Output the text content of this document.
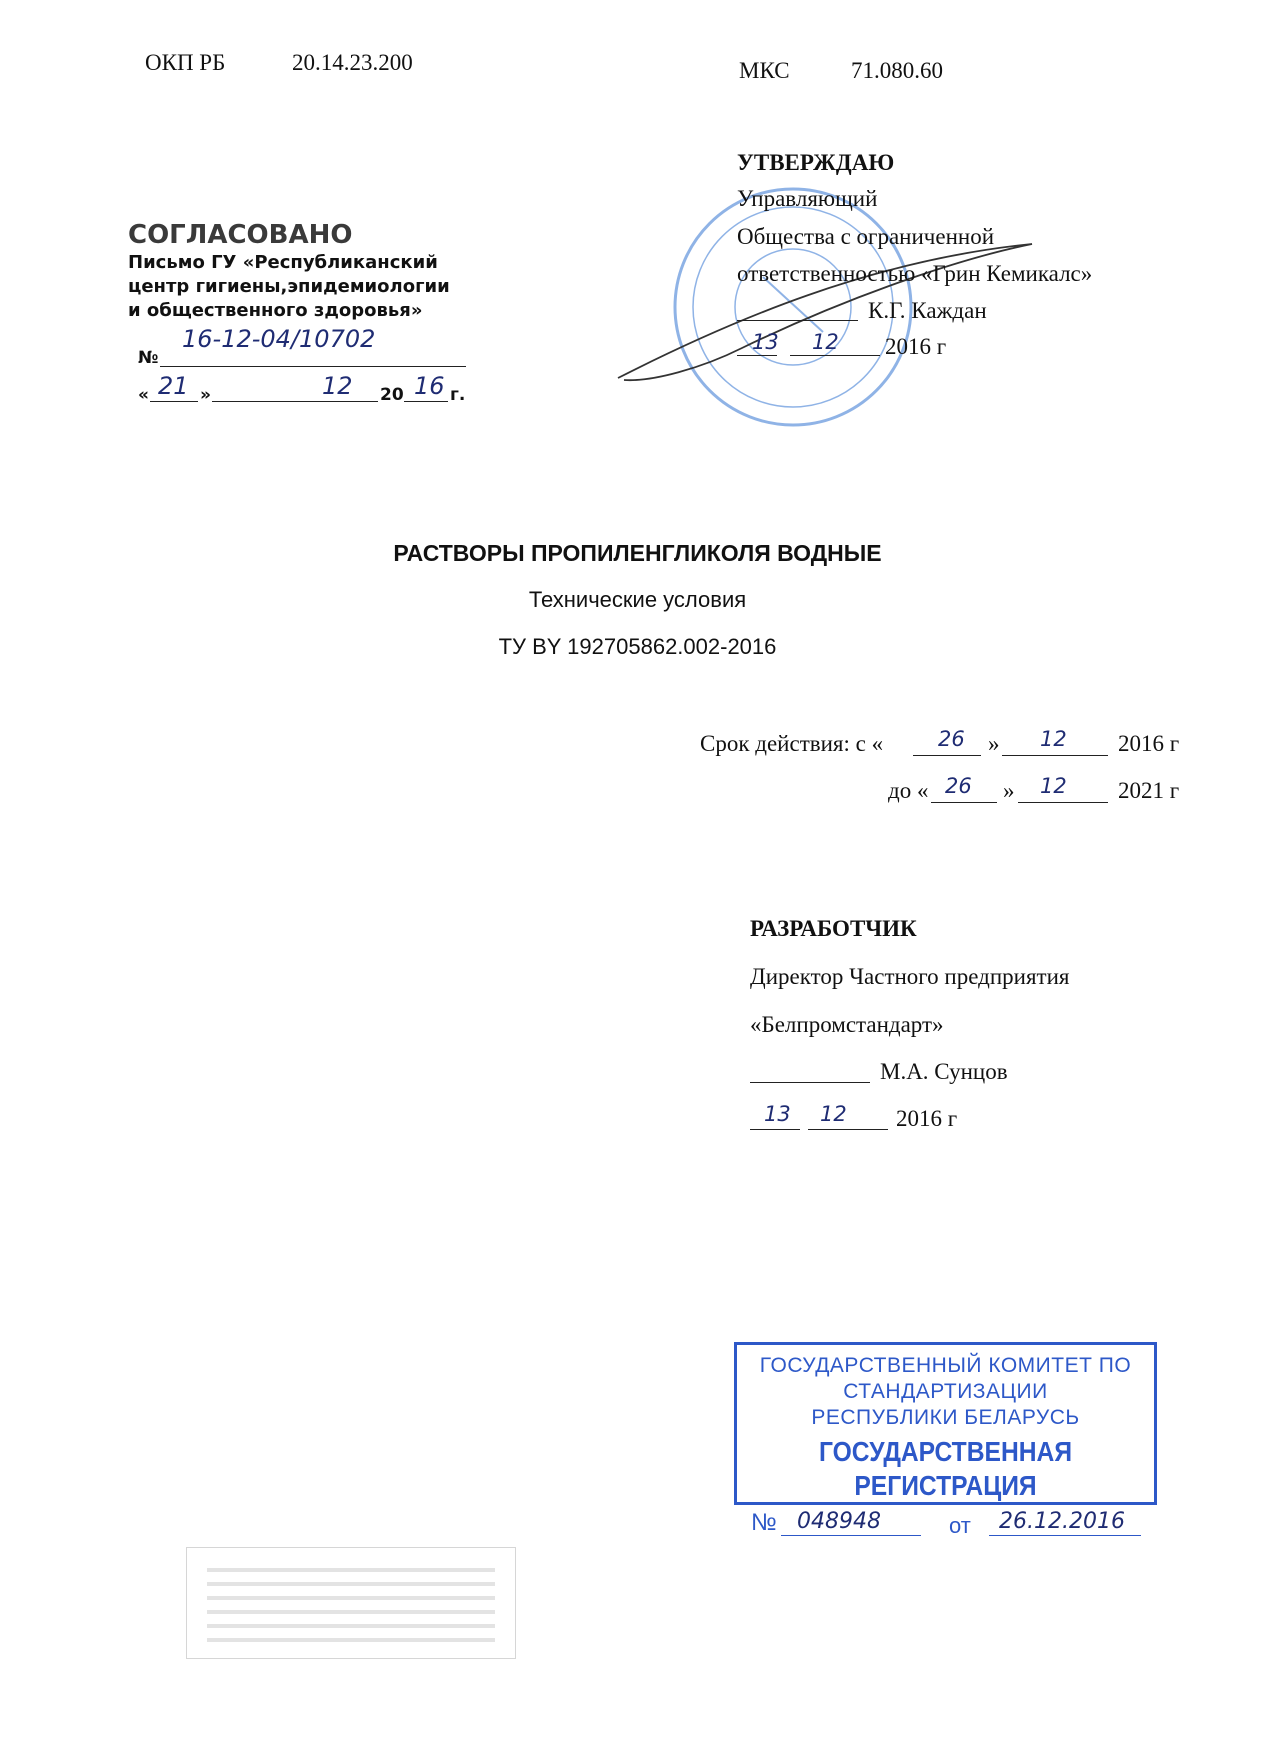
ОКП РБ	20.14.23.200	МКС	71.080.60
УТВЕРЖДАЮ
Управляющий
Общества с ограниченной
ответственностью «Грин Кемикалс»
К.Г. Каждан
13 12 2016 г
СОГЛАСОВАНО
Письмо ГУ «Республиканский
центр гигиены,эпидемиологии
и общественного здоровья»
№
16-12-04/10702
« 21 »	12 20 16 г.
РАСТВОРЫ ПРОПИЛЕНГЛИКОЛЯ ВОДНЫЕ
Технические условия
ТУ BY 192705862.002-2016
Срок действия: с «	26 » 12 2016 г
до « 26 » 12 2021 г
РАЗРАБОТЧИК
Директор Частного предприятия
«Белпромстандарт»
М.А. Сунцов
13 12 2016 г
ГОСУДАРСТВЕННЫЙ КОМИТЕТ ПО
СТАНДАРТИЗАЦИИ
РЕСПУБЛИКИ БЕЛАРУСЬ
ГОСУДАРСТВЕННАЯ РЕГИСТРАЦИЯ
№ 048948	от 26.12.2016
